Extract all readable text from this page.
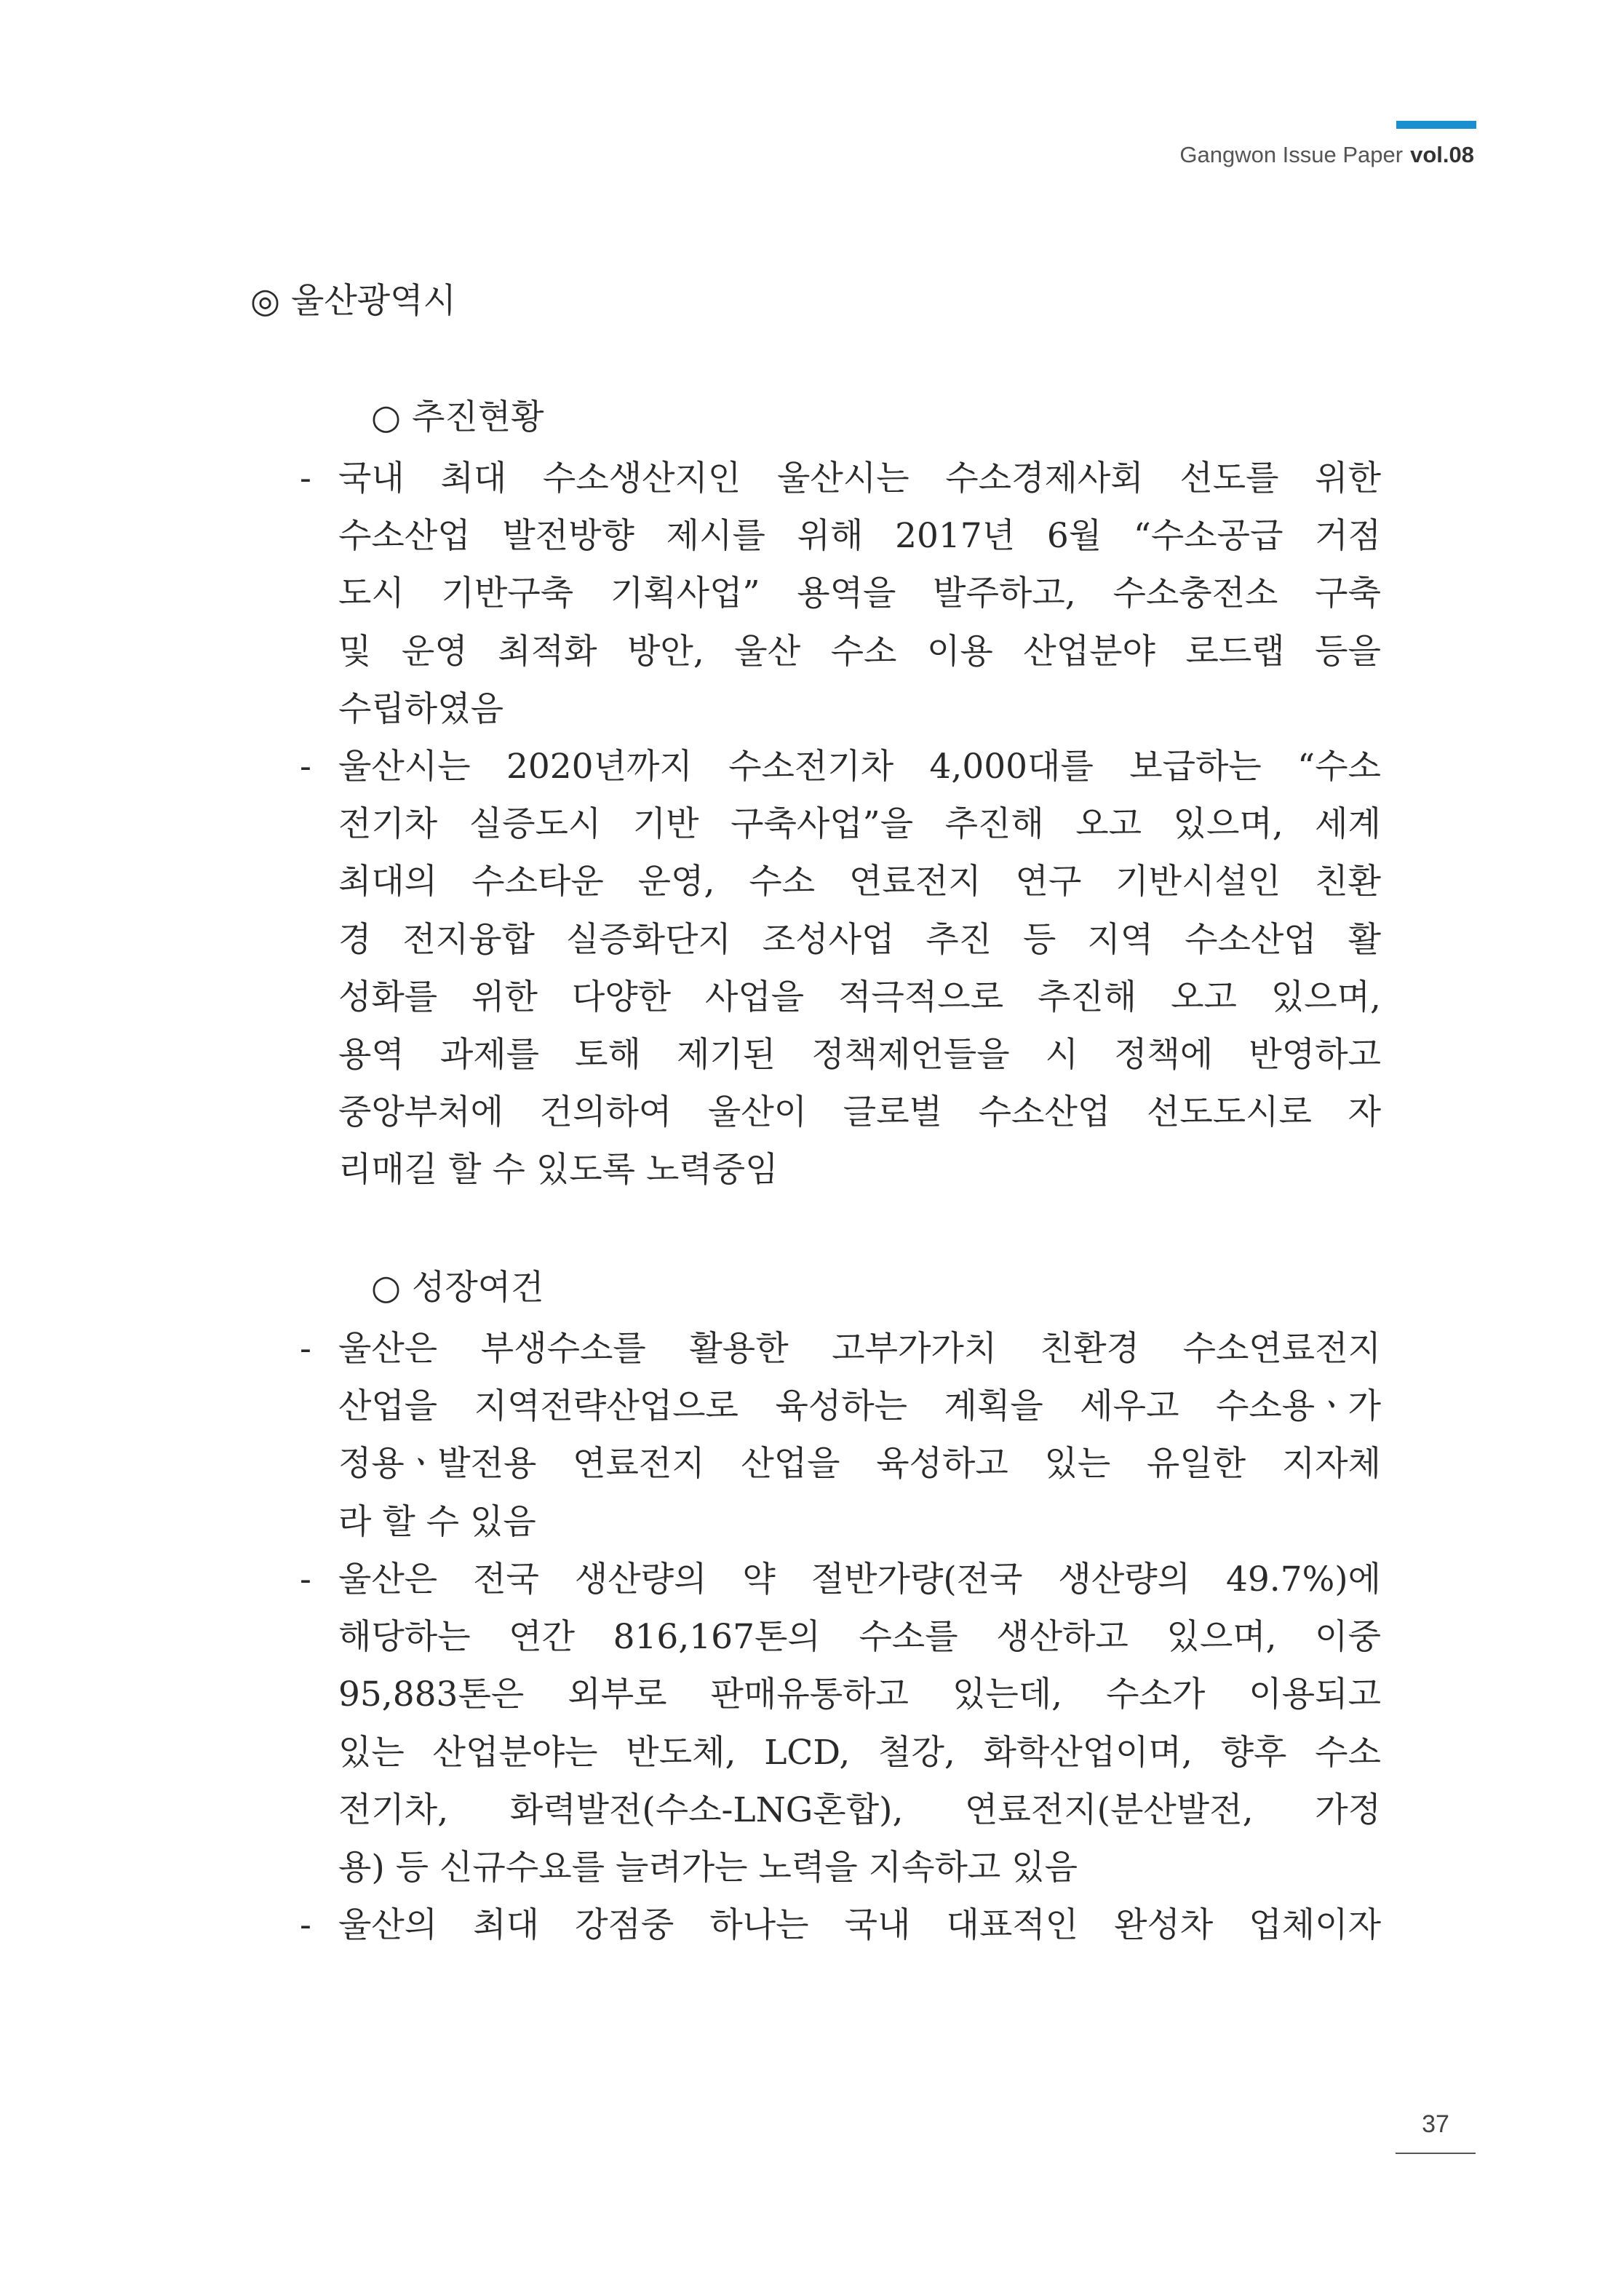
Gangwon Issue Paper vol.08
◎ 울산광역시
○ 추진현황
- 국내 최대 수소생산지인 울산시는 수소경제사회 선도를 위한
수소산업 발전방향 제시를 위해 2017년 6월 “수소공급 거점
도시 기반구축 기획사업” 용역을 발주하고, 수소충전소 구축
및 운영 최적화 방안, 울산 수소 이용 산업분야 로드랩 등을
수립하였음
- 울산시는 2020년까지 수소전기차 4,000대를 보급하는 “수소
전기차 실증도시 기반 구축사업”을 추진해 오고 있으며, 세계
최대의 수소타운 운영, 수소 연료전지 연구 기반시설인 친환
경 전지융합 실증화단지 조성사업 추진 등 지역 수소산업 활
성화를 위한 다양한 사업을 적극적으로 추진해 오고 있으며,
용역 과제를 토해 제기된 정책제언들을 시 정책에 반영하고
중앙부처에 건의하여 울산이 글로벌 수소산업 선도도시로 자
리매길 할 수 있도록 노력중임
○ 성장여건
- 울산은 부생수소를 활용한 고부가가치 친환경 수소연료전지
산업을 지역전략산업으로 육성하는 계획을 세우고 수소용ㆍ가
정용ㆍ발전용 연료전지 산업을 육성하고 있는 유일한 지자체
라 할 수 있음
- 울산은 전국 생산량의 약 절반가량(전국 생산량의 49.7%)에
해당하는 연간 816,167톤의 수소를 생산하고 있으며, 이중
95,883톤은 외부로 판매유통하고 있는데, 수소가 이용되고
있는 산업분야는 반도체, LCD, 철강, 화학산업이며, 향후 수소
전기차, 화력발전(수소-LNG혼합), 연료전지(분산발전, 가정
용) 등 신규수요를 늘려가는 노력을 지속하고 있음
- 울산의 최대 강점중 하나는 국내 대표적인 완성차 업체이자
37
